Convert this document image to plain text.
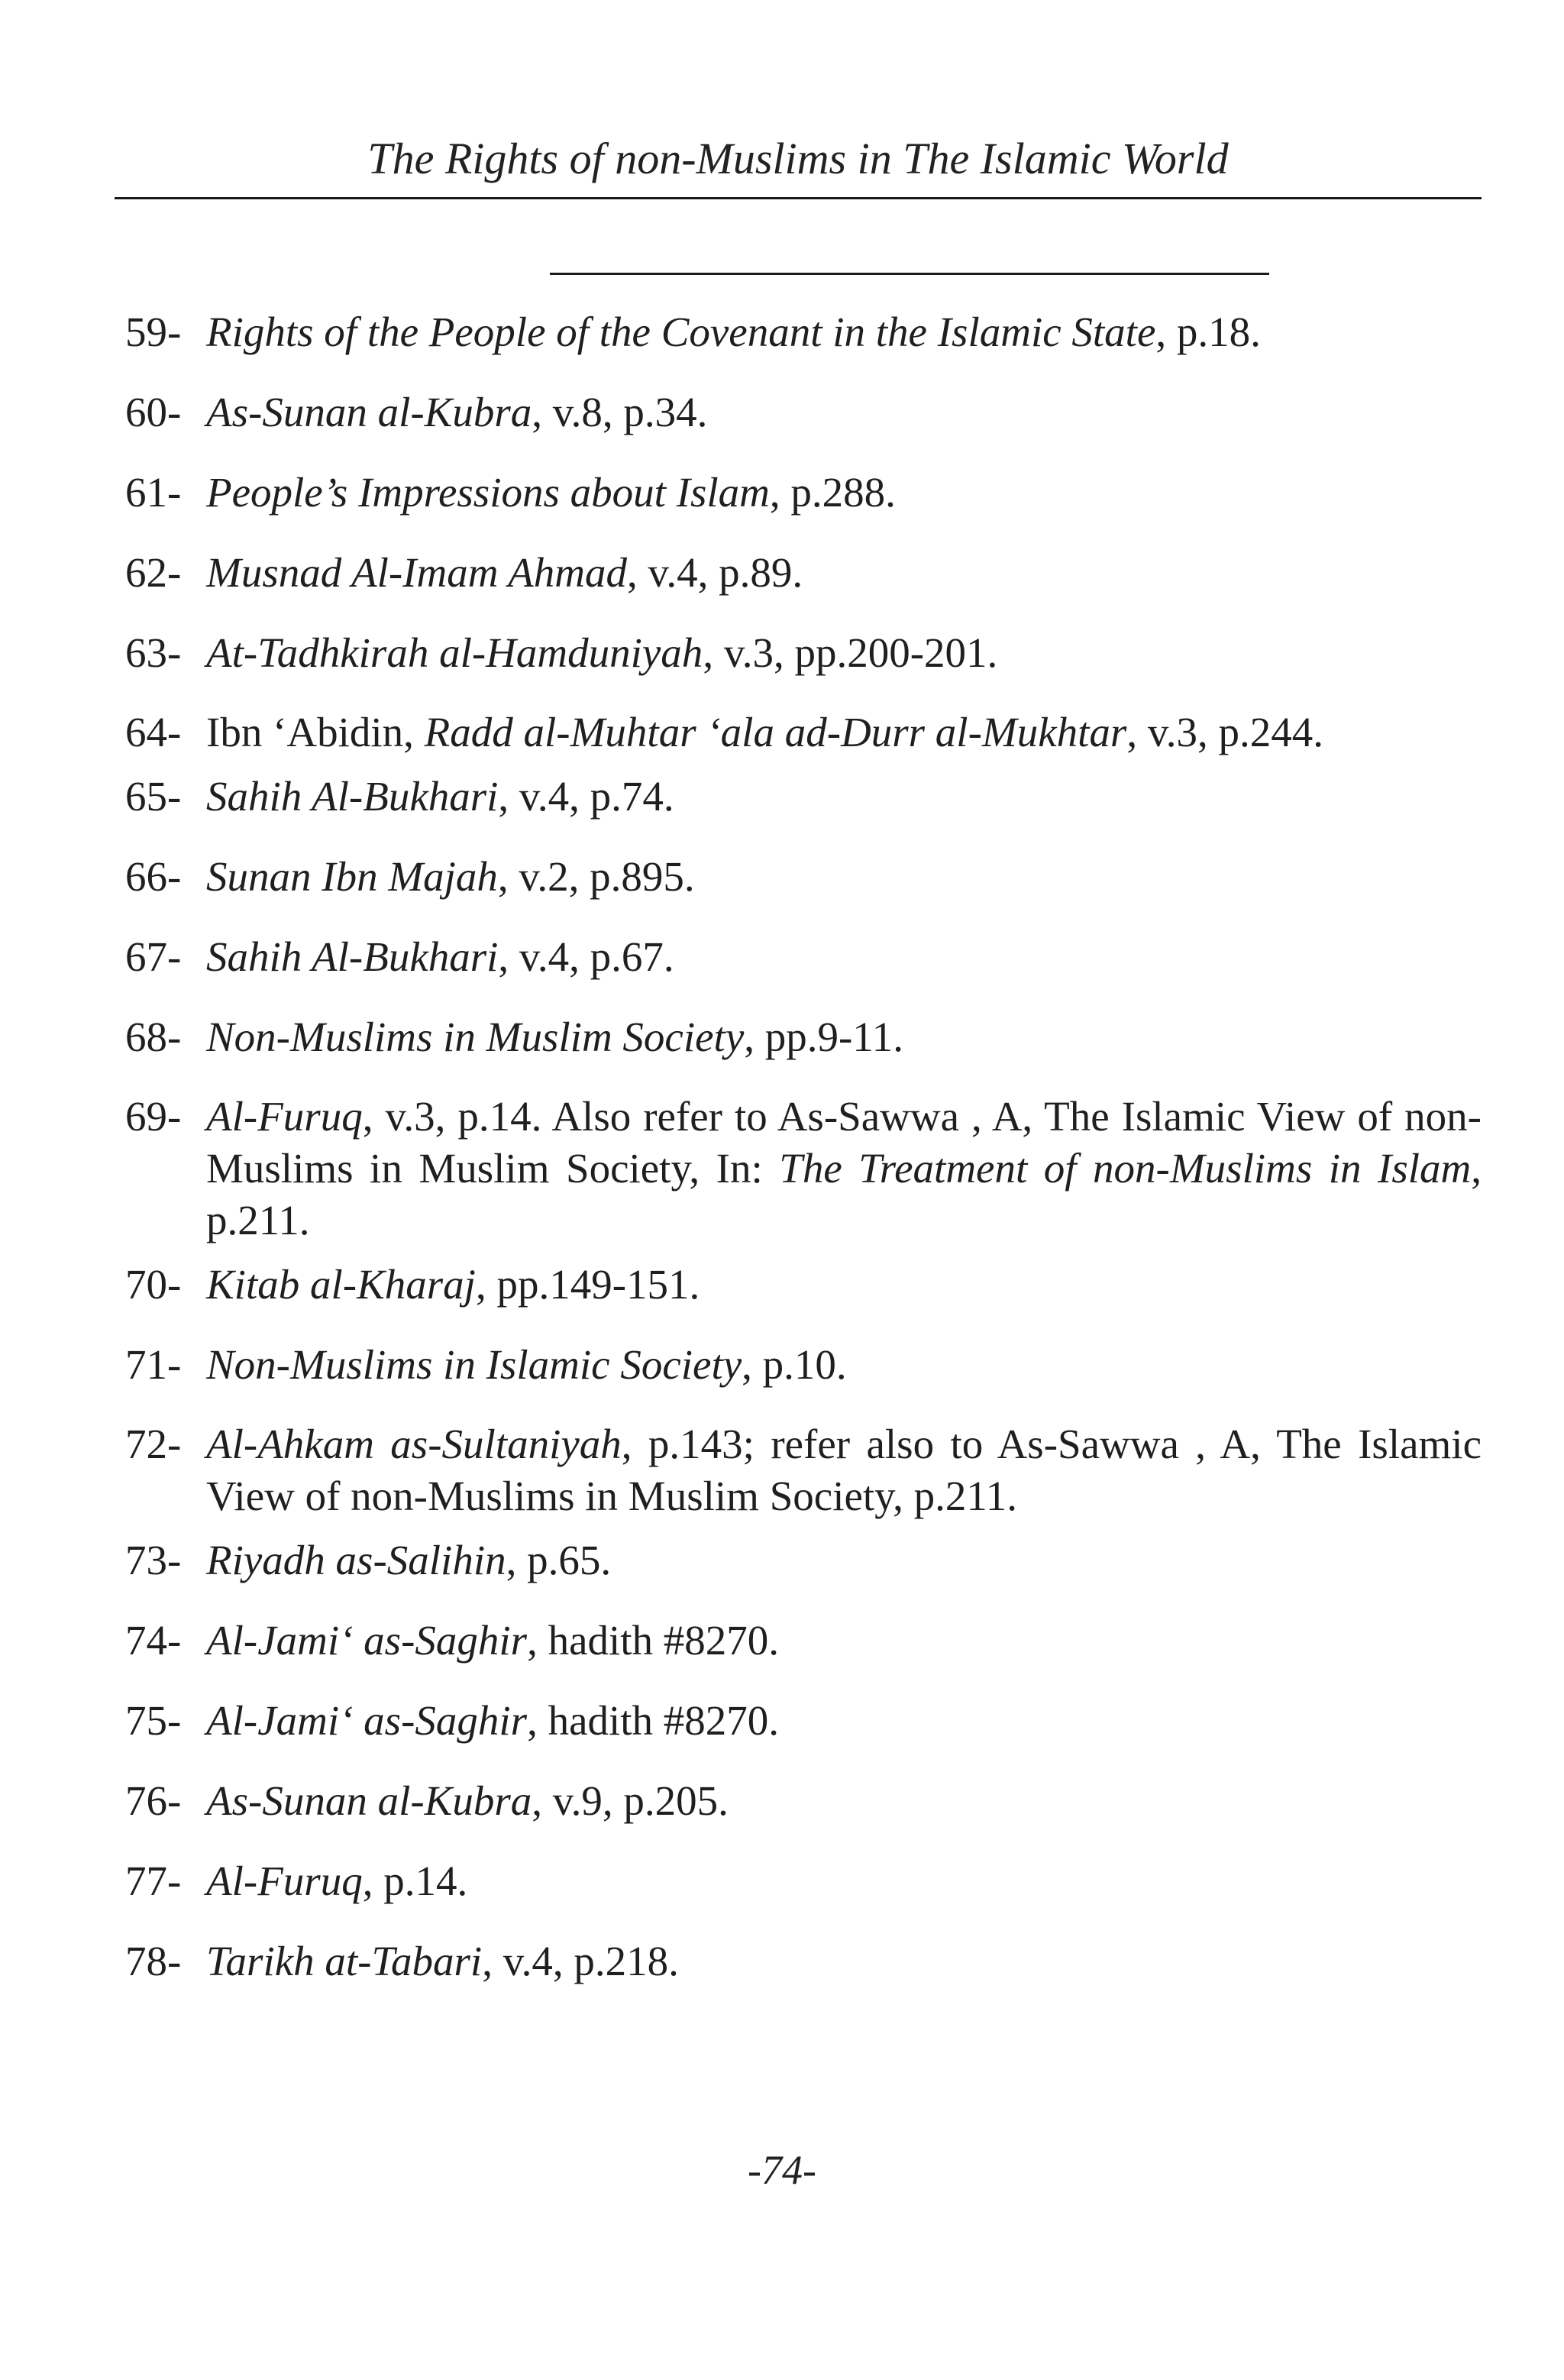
The Rights of non-Muslims in The Islamic World
59- Rights of the People of the Covenant in the Islamic State, p.18.
60- As-Sunan al-Kubra, v.8, p.34.
61- People’s Impressions about Islam, p.288.
62- Musnad Al-Imam Ahmad, v.4, p.89.
63- At-Tadhkirah al-Hamduniyah, v.3, pp.200-201.
64- Ibn ‘Abidin, Radd al-Muhtar ‘ala ad-Durr al-Mukhtar, v.3, p.244.
65- Sahih Al-Bukhari, v.4, p.74.
66- Sunan Ibn Majah, v.2, p.895.
67- Sahih Al-Bukhari, v.4, p.67.
68- Non-Muslims in Muslim Society, pp.9-11.
69- Al-Furuq, v.3, p.14. Also refer to As-Sawwa , A, The Islamic View of non-Muslims in Muslim Society, In: The Treatment of non-Muslims in Islam, p.211.
70- Kitab al-Kharaj, pp.149-151.
71- Non-Muslims in Islamic Society, p.10.
72- Al-Ahkam as-Sultaniyah, p.143; refer also to As-Sawwa , A, The Islamic View of non-Muslims in Muslim Society, p.211.
73- Riyadh as-Salihin, p.65.
74- Al-Jami‘ as-Saghir, hadith #8270.
75- Al-Jami‘ as-Saghir, hadith #8270.
76- As-Sunan al-Kubra, v.9, p.205.
77- Al-Furuq, p.14.
78- Tarikh at-Tabari, v.4, p.218.
-74-
